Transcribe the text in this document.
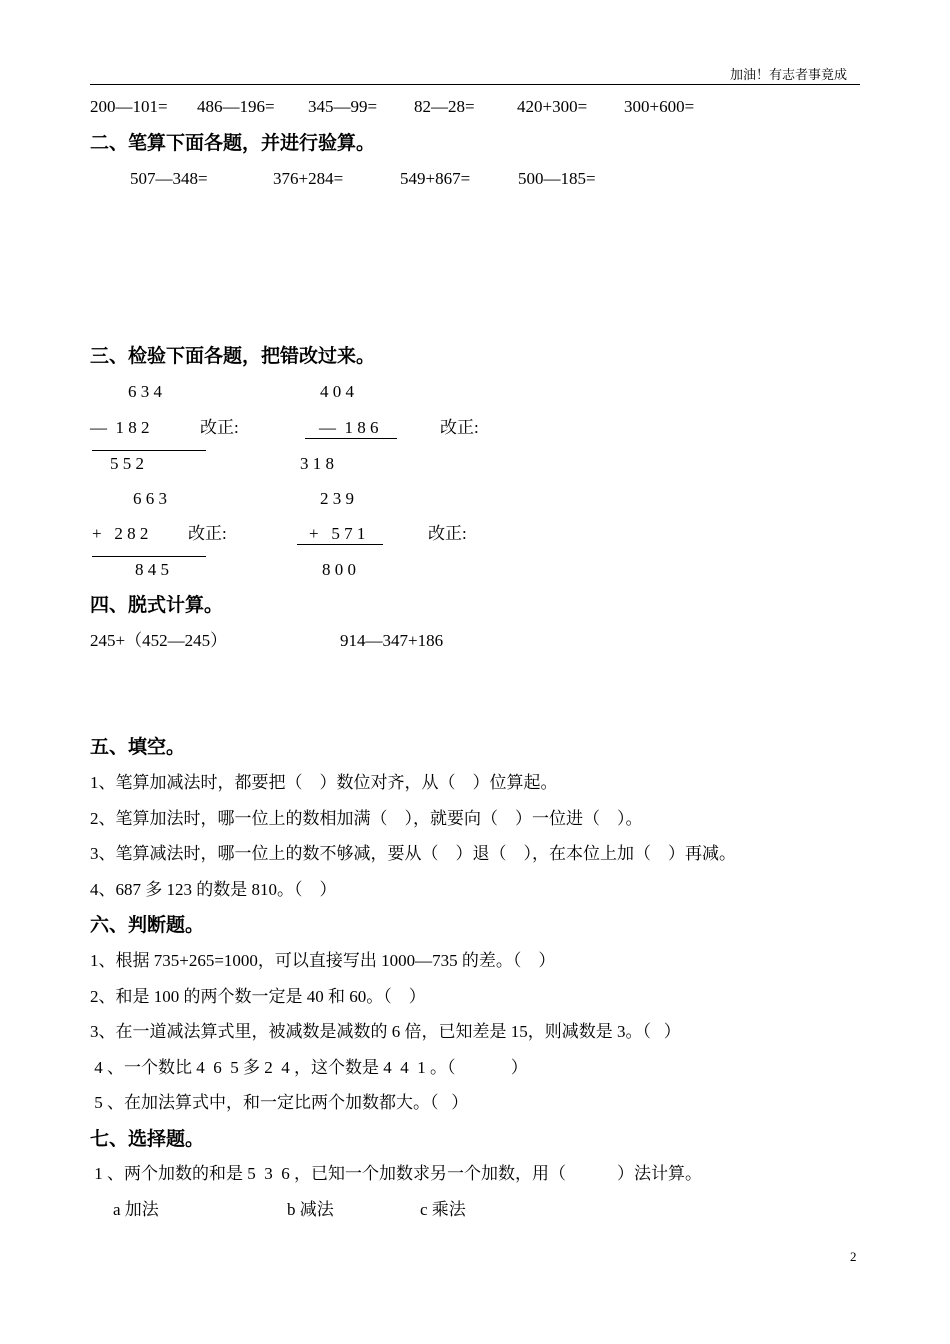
加油！有志者事竟成
200—101= 486—196= 345—99= 82—28= 420+300= 300+600=
二、笔算下面各题，并进行验算。
507—348=	376+284=	549+867=	500—185=
三、检验下面各题，把错改过来。
6 3 4
—  1 8 2	改正:
5 5 2
4 0 4
—  1 8 6	改正:
3 1 8
6 6 3
+   2 8 2 改正:
8 4 5
2 3 9
+   5 7 1	改正:
8 0 0
四、脱式计算。
245+（452—245）	914—347+186
五、填空。
1、笔算加减法时，都要把（    ）数位对齐，从（    ）位算起。
2、笔算加法时，哪一位上的数相加满（    ），就要向（    ）一位进（    ）。
3、笔算减法时，哪一位上的数不够减，要从（    ）退（    ），在本位上加（    ）再减。
4、687 多 123 的数是 810。（    ）
六、判断题。
1、根据 735+265=1000，可以直接写出 1000—735 的差。（    ）
2、和是 100 的两个数一定是 40 和 60。（    ）
3、在一道减法算式里，被减数是减数的 6 倍，已知差是 15，则减数是 3。（   ）
4 、一个数比 4  6  5 多 2  4 ，这个数是 4  4  1 。（             ）
5 、在加法算式中，和一定比两个加数都大。（   ）
七、选择题。
1 、两个加数的和是 5  3  6 ，已知一个加数求另一个加数，用（            ）法计算。
a 加法	b 减法	c 乘法
2
